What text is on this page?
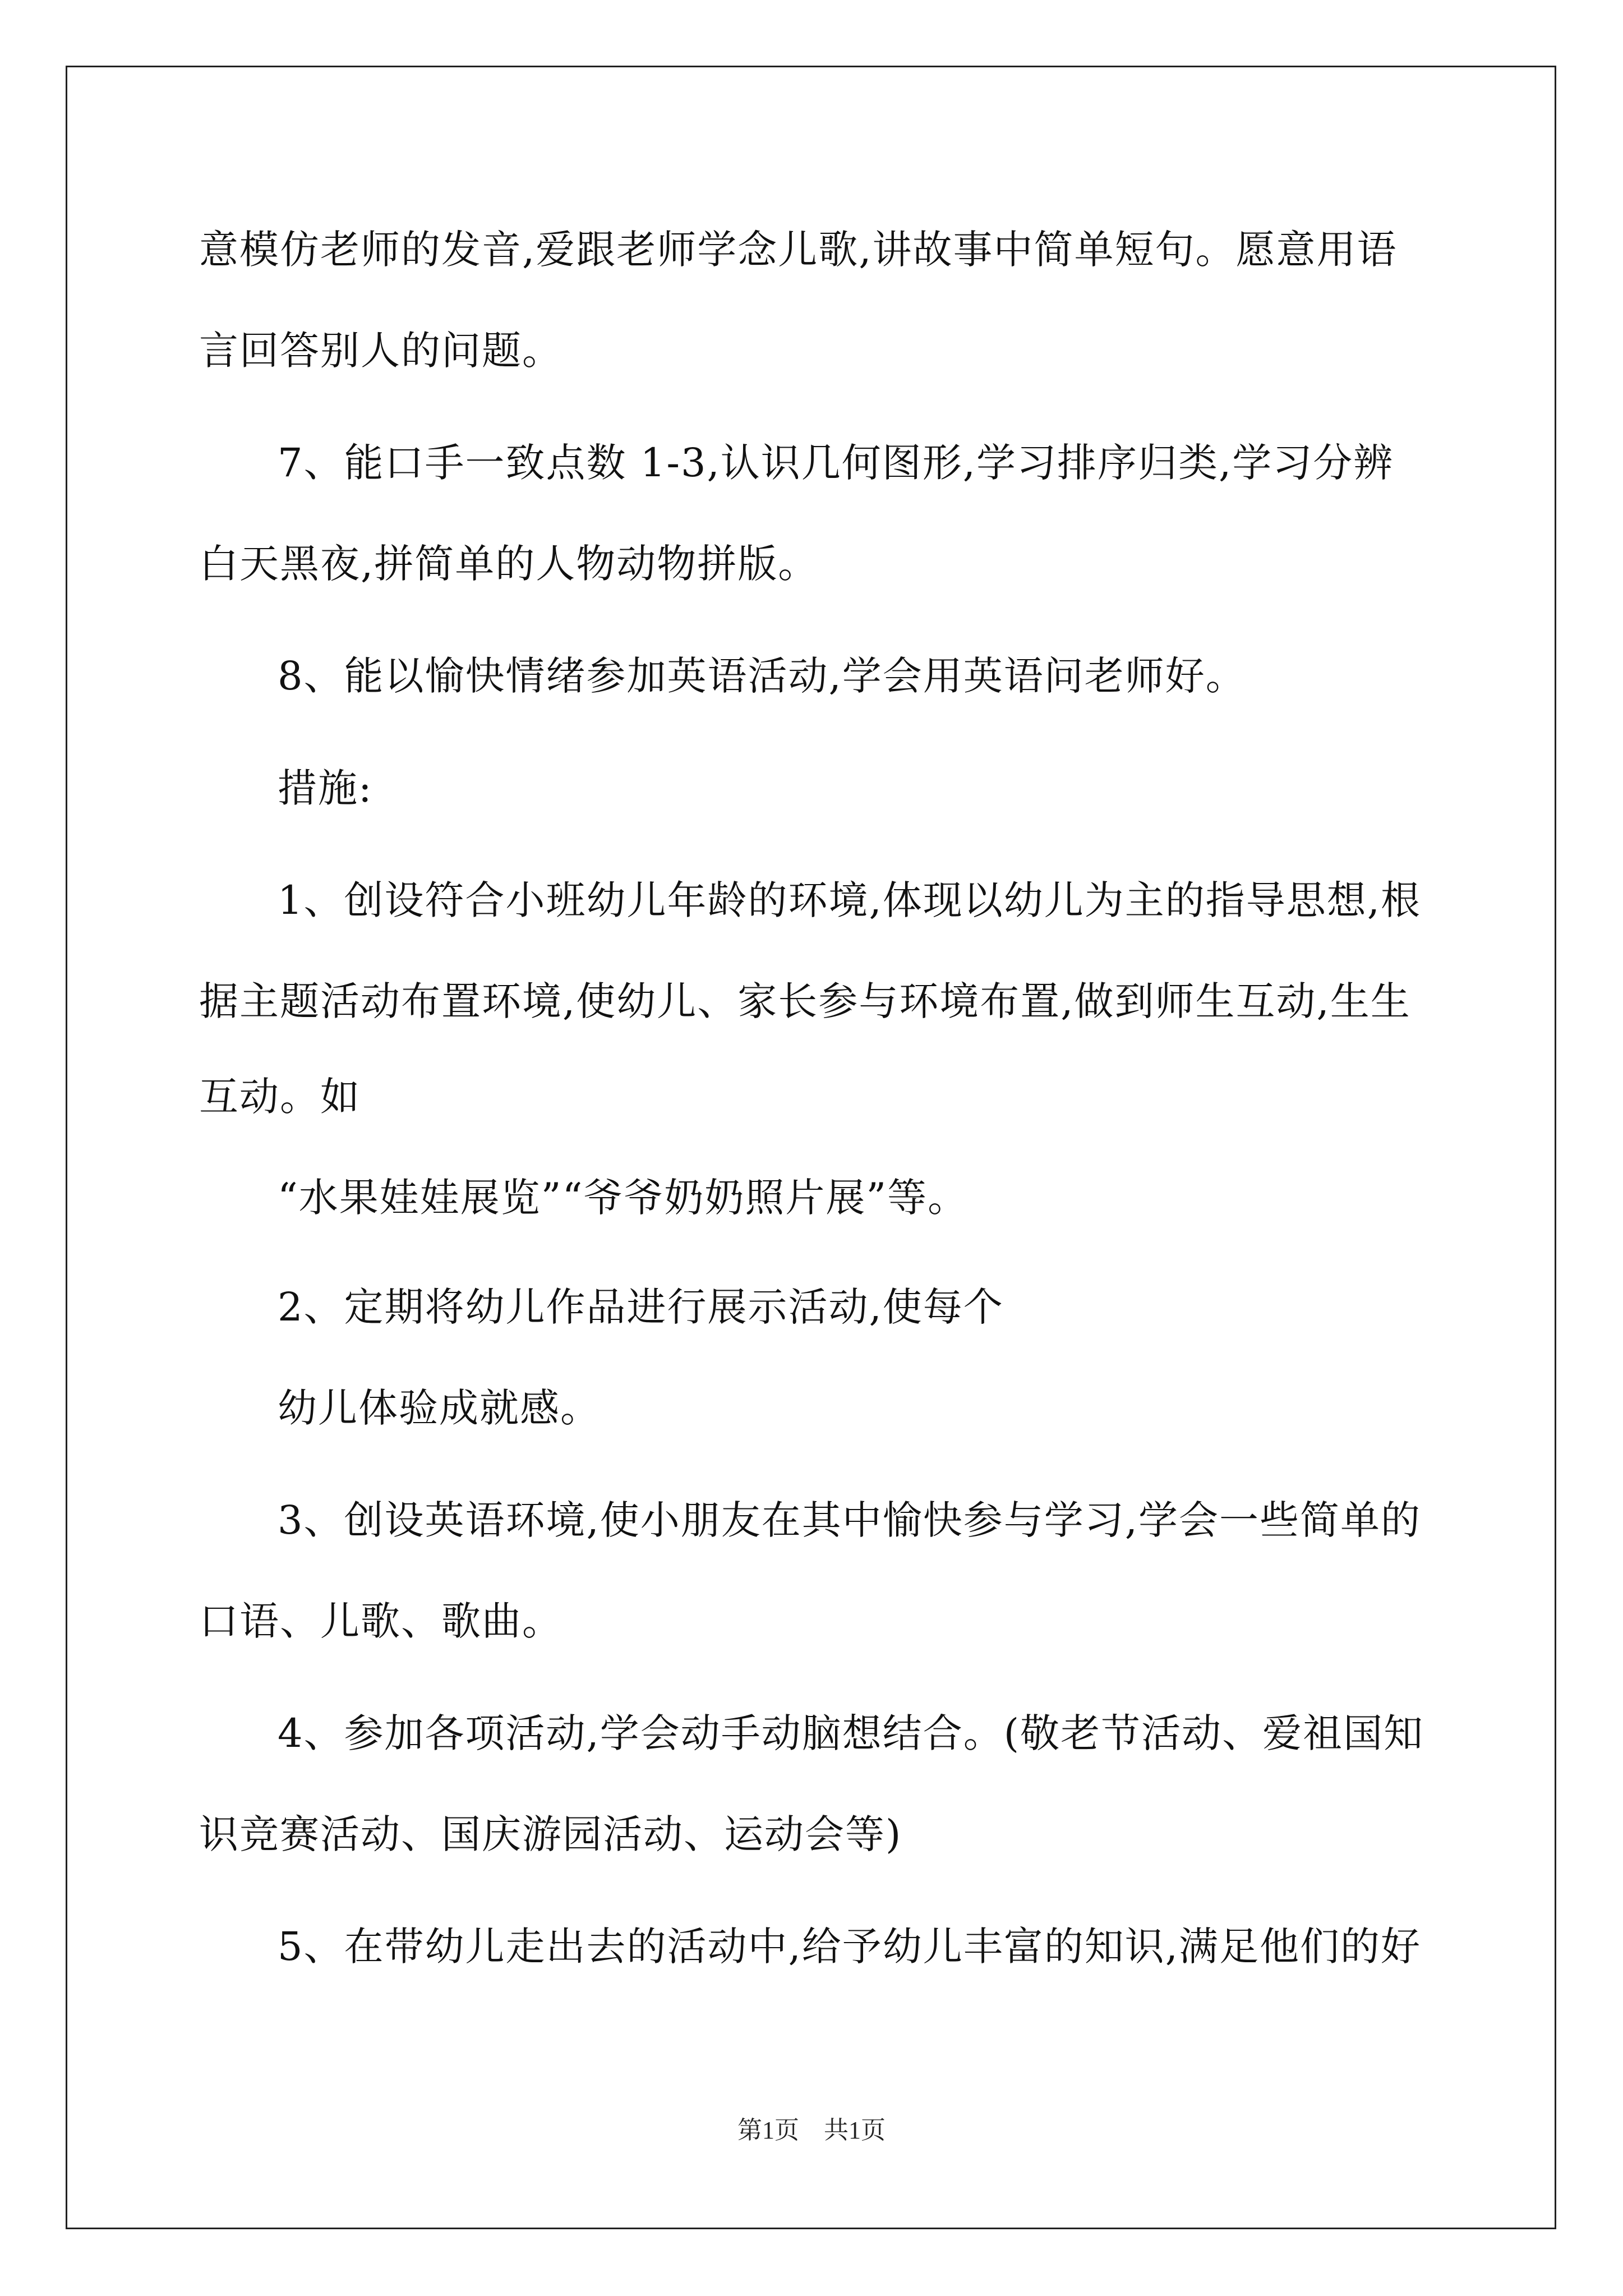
意模仿老师的发音,爱跟老师学念儿歌,讲故事中简单短句。愿意用语

言回答别人的问题。

7、能口手一致点数 1-3,认识几何图形,学习排序归类,学习分辨

白天黑夜,拼简单的人物动物拼版。

8、能以愉快情绪参加英语活动,学会用英语问老师好。

措施:

1、创设符合小班幼儿年龄的环境,体现以幼儿为主的指导思想,根

据主题活动布置环境,使幼儿、家长参与环境布置,做到师生互动,生生

互动。如

“水果娃娃展览”“爷爷奶奶照片展”等。

2、定期将幼儿作品进行展示活动,使每个

幼儿体验成就感。

3、创设英语环境,使小朋友在其中愉快参与学习,学会一些简单的

口语、儿歌、歌曲。

4、参加各项活动,学会动手动脑想结合。(敬老节活动、爱祖国知

识竞赛活动、国庆游园活动、运动会等)

5、在带幼儿走出去的活动中,给予幼儿丰富的知识,满足他们的好

第1页 共1页
